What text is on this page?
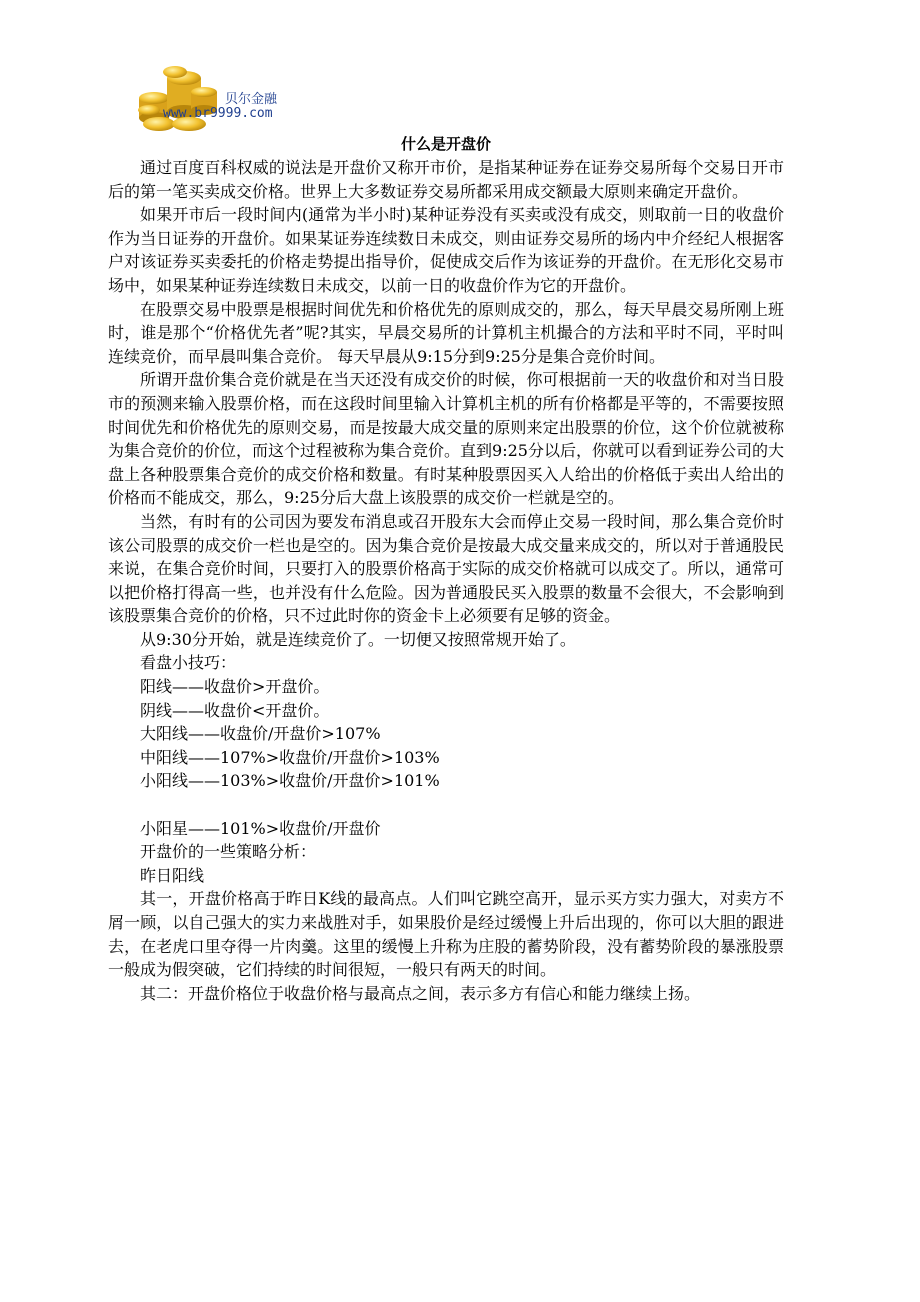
贝尔金融
www.br9999.com

什么是开盘价

通过百度百科权威的说法是开盘价又称开市价，是指某种证券在证券交易所每个交易日开市后的第一笔买卖成交价格。世界上大多数证券交易所都采用成交额最大原则来确定开盘价。

如果开市后一段时间内(通常为半小时)某种证券没有买卖或没有成交，则取前一日的收盘价作为当日证券的开盘价。如果某证券连续数日未成交，则由证券交易所的场内中介经纪人根据客户对该证券买卖委托的价格走势提出指导价，促使成交后作为该证券的开盘价。在无形化交易市场中，如果某种证券连续数日未成交，以前一日的收盘价作为它的开盘价。

在股票交易中股票是根据时间优先和价格优先的原则成交的，那么，每天早晨交易所刚上班时，谁是那个“价格优先者”呢?其实，早晨交易所的计算机主机撮合的方法和平时不同，平时叫连续竞价，而早晨叫集合竞价。 每天早晨从9:15分到9:25分是集合竞价时间。

所谓开盘价集合竞价就是在当天还没有成交价的时候，你可根据前一天的收盘价和对当日股市的预测来输入股票价格，而在这段时间里输入计算机主机的所有价格都是平等的，不需要按照时间优先和价格优先的原则交易，而是按最大成交量的原则来定出股票的价位，这个价位就被称为集合竞价的价位，而这个过程被称为集合竞价。直到9:25分以后，你就可以看到证券公司的大盘上各种股票集合竞价的成交价格和数量。有时某种股票因买入人给出的价格低于卖出人给出的价格而不能成交，那么，9:25分后大盘上该股票的成交价一栏就是空的。

当然，有时有的公司因为要发布消息或召开股东大会而停止交易一段时间，那么集合竞价时该公司股票的成交价一栏也是空的。因为集合竞价是按最大成交量来成交的，所以对于普通股民来说，在集合竞价时间，只要打入的股票价格高于实际的成交价格就可以成交了。所以，通常可以把价格打得高一些，也并没有什么危险。因为普通股民买入股票的数量不会很大，不会影响到该股票集合竞价的价格，只不过此时你的资金卡上必须要有足够的资金。

从9:30分开始，就是连续竞价了。一切便又按照常规开始了。

看盘小技巧：

阳线——收盘价>开盘价。

阴线——收盘价<开盘价。

大阳线——收盘价/开盘价>107%

中阳线——107%>收盘价/开盘价>103%

小阳线——103%>收盘价/开盘价>101%

小阳星——101%>收盘价/开盘价

开盘价的一些策略分析：

昨日阳线

其一，开盘价格高于昨日K线的最高点。人们叫它跳空高开，显示买方实力强大，对卖方不屑一顾，以自己强大的实力来战胜对手，如果股价是经过缓慢上升后出现的，你可以大胆的跟进去，在老虎口里夺得一片肉羹。这里的缓慢上升称为庄股的蓄势阶段，没有蓄势阶段的暴涨股票一般成为假突破，它们持续的时间很短，一般只有两天的时间。

其二：开盘价格位于收盘价格与最高点之间，表示多方有信心和能力继续上扬。
